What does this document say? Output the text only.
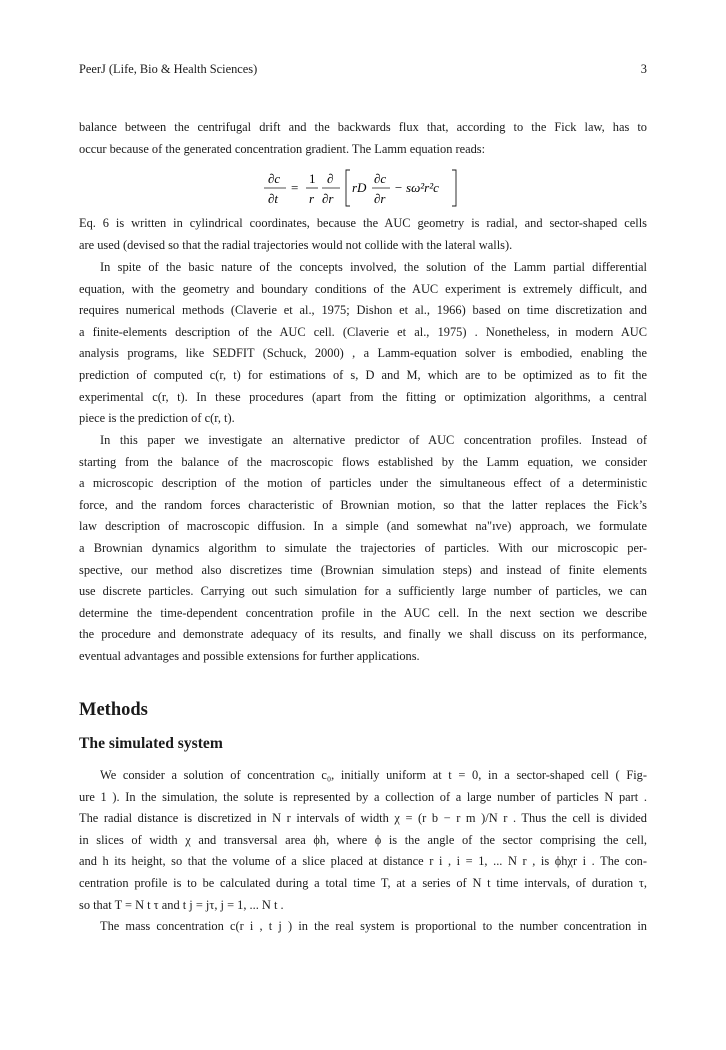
PeerJ (Life, Bio & Health Sciences)	3
balance between the centrifugal drift and the backwards flux that, according to the Fick law, has to
occur because of the generated concentration gradient. The Lamm equation reads:
∂c
∂t
=
1
r
∂
∂r
rD
∂c
∂r
− sω²r²c
Eq. 6 is written in cylindrical coordinates, because the AUC geometry is radial, and sector-shaped cells
are used (devised so that the radial trajectories would not collide with the lateral walls).
In spite of the basic nature of the concepts involved, the solution of the Lamm partial differential
equation, with the geometry and boundary conditions of the AUC experiment is extremely difficult, and
requires numerical methods (Claverie et al., 1975; Dishon et al., 1966) based on time discretization and
a finite-elements description of the AUC cell. (Claverie et al., 1975) . Nonetheless, in modern AUC
analysis programs, like SEDFIT (Schuck, 2000) , a Lamm-equation solver is embodied, enabling the
prediction of computed c(r, t) for estimations of s, D and M, which are to be optimized as to fit the
experimental c(r, t). In these procedures (apart from the fitting or optimization algorithms, a central
piece is the prediction of c(r, t).
In this paper we investigate an alternative predictor of AUC concentration profiles. Instead of
starting from the balance of the macroscopic flows established by the Lamm equation, we consider
a microscopic description of the motion of particles under the simultaneous effect of a deterministic
force, and the random forces characteristic of Brownian motion, so that the latter replaces the Fick’s
law description of macroscopic diffusion. In a simple (and somewhat na"ıve) approach, we formulate
a Brownian dynamics algorithm to simulate the trajectories of particles. With our microscopic per-
spective, our method also discretizes time (Brownian simulation steps) and instead of finite elements
use discrete particles. Carrying out such simulation for a sufficiently large number of particles, we can
determine the time-dependent concentration profile in the AUC cell. In the next section we describe
the procedure and demonstrate adequacy of its results, and finally we shall discuss on its performance,
eventual advantages and possible extensions for further applications.
Methods
The simulated system
We consider a solution of concentration c₀, initially uniform at t = 0, in a sector-shaped cell ( Fig-
ure 1 ). In the simulation, the solute is represented by a collection of a large number of particles N part .
The radial distance is discretized in N r intervals of width χ = (r b − r m )/N r . Thus the cell is divided
in slices of width χ and transversal area ϕh, where ϕ is the angle of the sector comprising the cell,
and h its height, so that the volume of a slice placed at distance r i , i = 1, ... N r , is ϕhχr i . The con-
centration profile is to be calculated during a total time T, at a series of N t time intervals, of duration τ,
so that T = N t τ and t j = jτ, j = 1, ... N t .
The mass concentration c(r i , t j ) in the real system is proportional to the number concentration in
